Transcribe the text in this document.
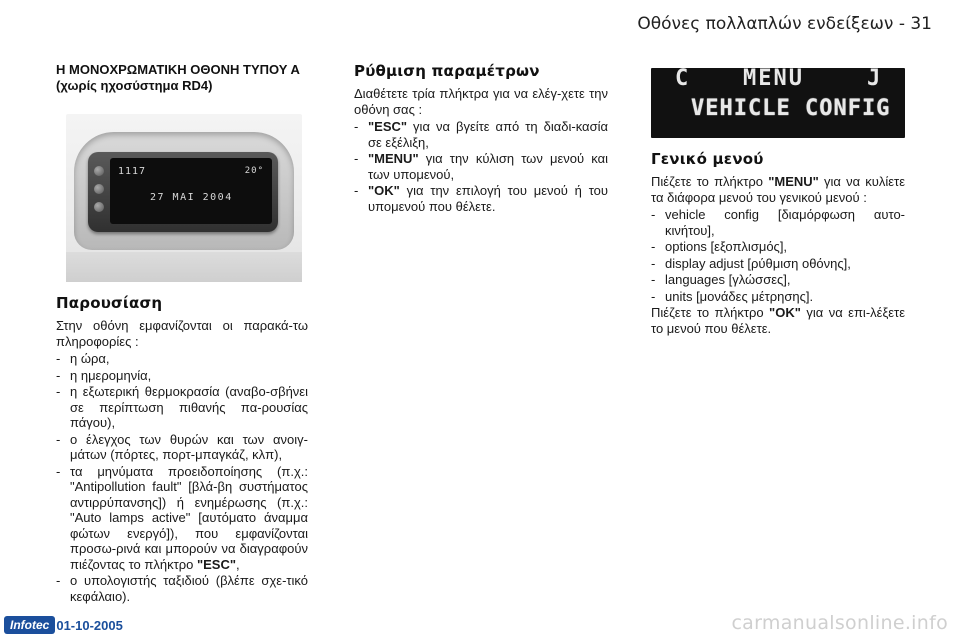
Οθόνες πολλαπλών ενδείξεων - 31
Η ΜΟΝΟΧΡΩΜΑΤΙΚΗ ΟΘΟΝΗ ΤΥΠΟΥ Α (χωρίς ηχοσύστημα RD4)
1117	20°
27 MAI 2004
Παρουσίαση

Στην οθόνη εμφανίζονται οι παρακά-τω πληροφορίες :

- η ώρα,
- η ημερομηνία,
- η εξωτερική θερμοκρασία (αναβο-σβήνει σε περίπτωση πιθανής πα-ρουσίας πάγου),
- ο έλεγχος των θυρών και των ανοιγ-μάτων (πόρτες, πορτ-μπαγκάζ, κλπ),
- τα μηνύματα προειδοποίησης (π.χ.: "Antipollution fault" [βλά-βη συστήματος αντιρρύπανσης]) ή ενημέρωσης (π.χ.: "Auto lamps active" [αυτόματο άναμμα φώτων ενεργό]), που εμφανίζονται προσω-ρινά και μπορούν να διαγραφούν πιέζοντας το πλήκτρο "ESC",
- ο υπολογιστής ταξιδιού (βλέπε σχε-τικό κεφάλαιο).
Ρύθμιση παραμέτρων

Διαθέτετε τρία πλήκτρα για να ελέγ-χετε την οθόνη σας :

- "ESC" για να βγείτε από τη διαδι-κασία σε εξέλιξη,
- "MENU" για την κύλιση των μενού και των υπομενού,
- "OK" για την επιλογή του μενού ή του υπομενού που θέλετε.
C MENU	J
VEHICLE CONFIG
Γενικό μενού

Πιέζετε το πλήκτρο "MENU" για να κυλίετε τα διάφορα μενού του γενικού μενού :

- vehicle config [διαμόρφωση αυτο-κινήτου],
- options [εξοπλισμός],
- display adjust [ρύθμιση οθόνης],
- languages [γλώσσες],
- units [μονάδες μέτρησης].

Πιέζετε το πλήκτρο "OK" για να επι-λέξετε το μενού που θέλετε.

Infotec 01-10-2005	carmanualsonline.info
